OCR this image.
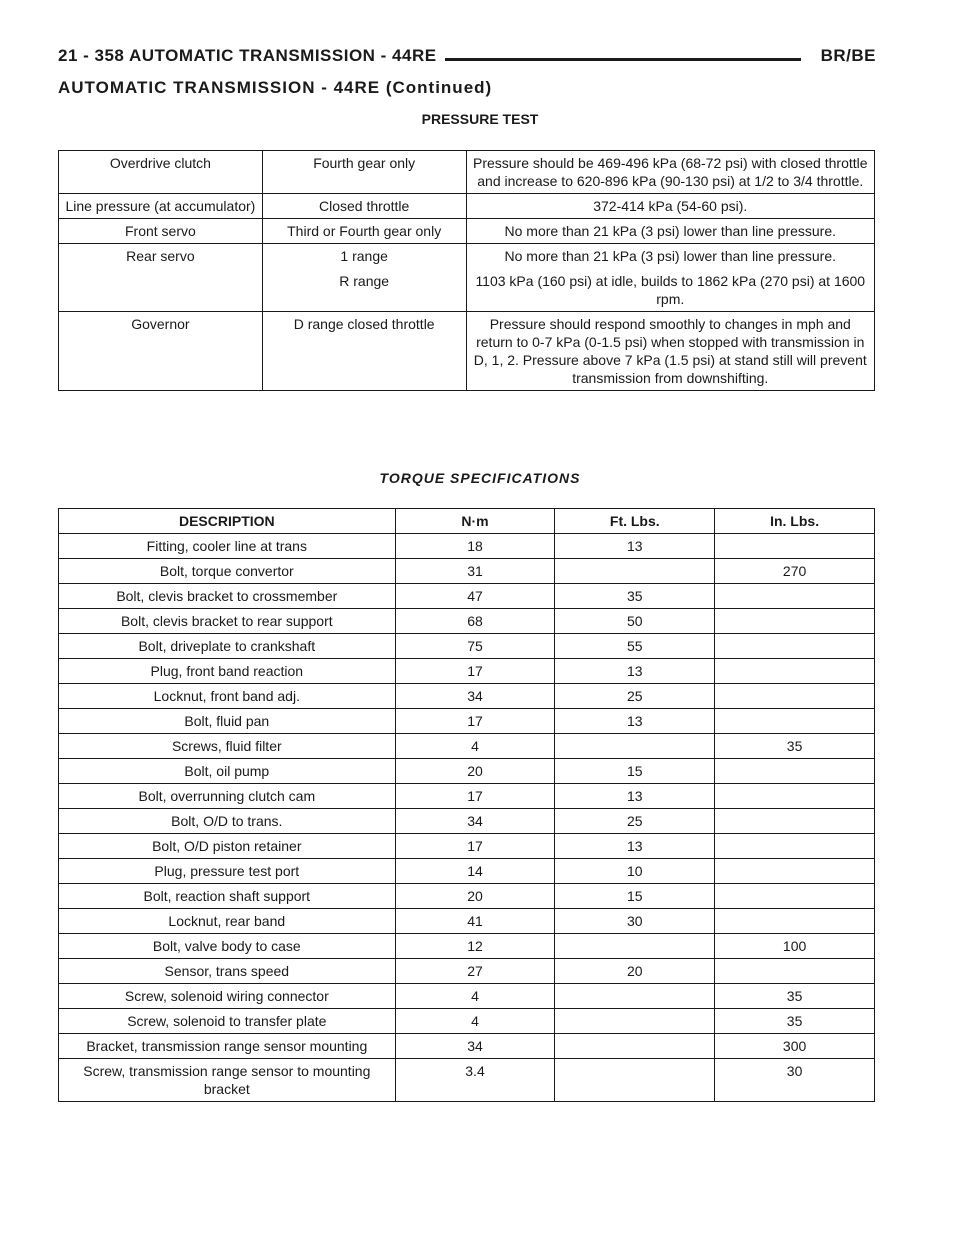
21 - 358 AUTOMATIC TRANSMISSION - 44RE	BR/BE
AUTOMATIC TRANSMISSION - 44RE (Continued)
PRESSURE TEST
Overdrive clutch	Fourth gear only	Pressure should be 469-496 kPa (68-72 psi) with closed throttle and increase to 620-896 kPa (90-130 psi) at 1/2 to 3/4 throttle.
Line pressure (at accumulator)	Closed throttle	372-414 kPa (54-60 psi).
Front servo	Third or Fourth gear only	No more than 21 kPa (3 psi) lower than line pressure.
Rear servo	1 range	No more than 21 kPa (3 psi) lower than line pressure.
	R range	1103 kPa (160 psi) at idle, builds to 1862 kPa (270 psi) at 1600 rpm.
Governor	D range closed throttle	Pressure should respond smoothly to changes in mph and return to 0-7 kPa (0-1.5 psi) when stopped with transmission in D, 1, 2. Pressure above 7 kPa (1.5 psi) at stand still will prevent transmission from downshifting.
TORQUE SPECIFICATIONS
DESCRIPTION	N·m	Ft. Lbs.	In. Lbs.
Fitting, cooler line at trans	18	13	
Bolt, torque convertor	31		270
Bolt, clevis bracket to crossmember	47	35	
Bolt, clevis bracket to rear support	68	50	
Bolt, driveplate to crankshaft	75	55	
Plug, front band reaction	17	13	
Locknut, front band adj.	34	25	
Bolt, fluid pan	17	13	
Screws, fluid filter	4		35
Bolt, oil pump	20	15	
Bolt, overrunning clutch cam	17	13	
Bolt, O/D to trans.	34	25	
Bolt, O/D piston retainer	17	13	
Plug, pressure test port	14	10	
Bolt, reaction shaft support	20	15	
Locknut, rear band	41	30	
Bolt, valve body to case	12		100
Sensor, trans speed	27	20	
Screw, solenoid wiring connector	4		35
Screw, solenoid to transfer plate	4		35
Bracket, transmission range sensor mounting	34		300
Screw, transmission range sensor to mounting bracket	3.4		30
